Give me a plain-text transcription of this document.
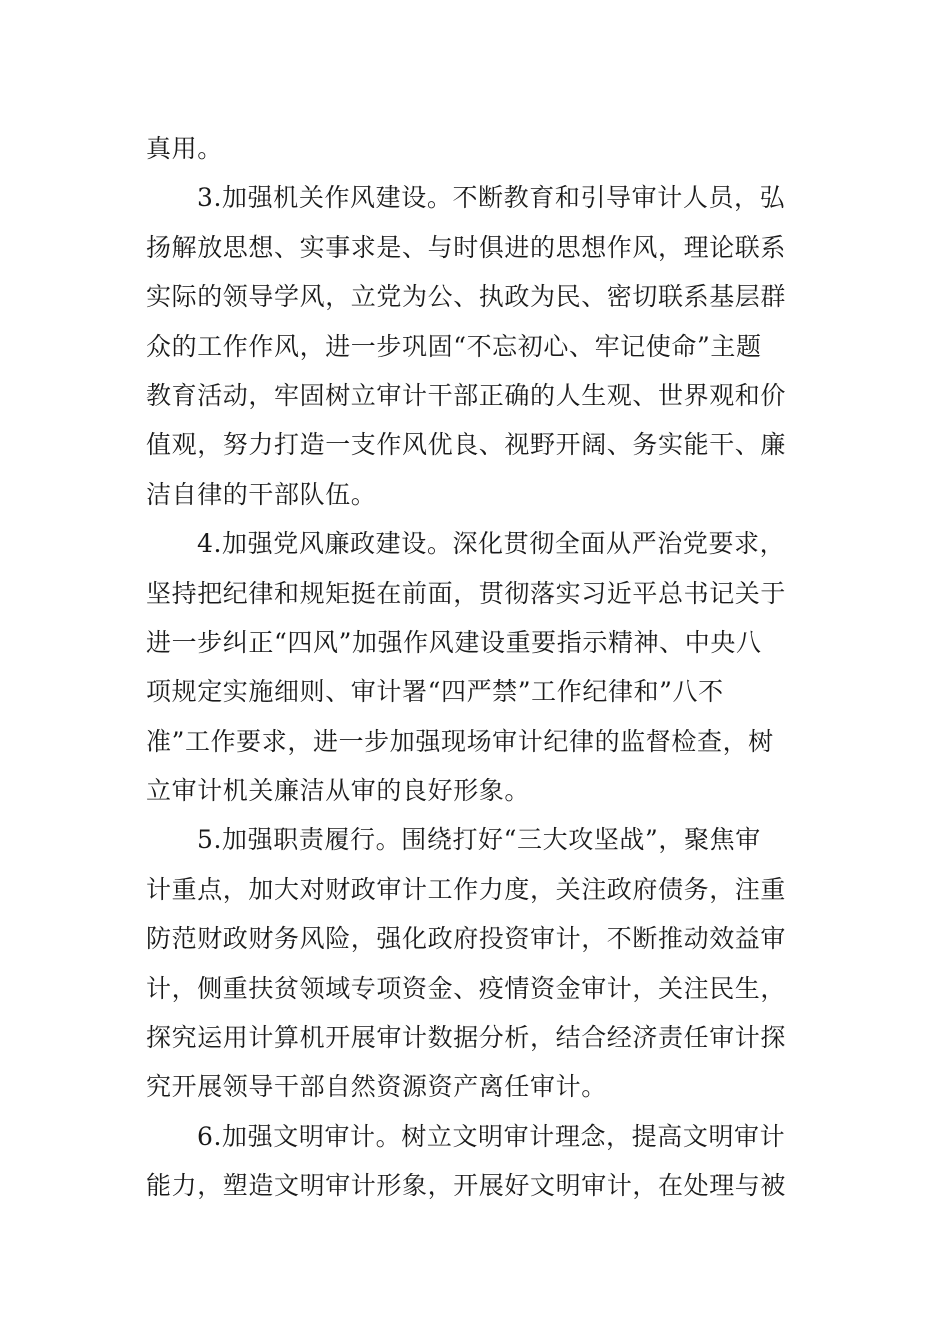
真用。
3.加强机关作风建设。不断教育和引导审计人员，弘
扬解放思想、实事求是、与时俱进的思想作风，理论联系
实际的领导学风，立党为公、执政为民、密切联系基层群
众的工作作风，进一步巩固“不忘初心、牢记使命”主题
教育活动，牢固树立审计干部正确的人生观、世界观和价
值观，努力打造一支作风优良、视野开阔、务实能干、廉
洁自律的干部队伍。
4.加强党风廉政建设。深化贯彻全面从严治党要求，
坚持把纪律和规矩挺在前面，贯彻落实习近平总书记关于
进一步纠正“四风”加强作风建设重要指示精神、中央八
项规定实施细则、审计署“四严禁”工作纪律和”八不
准”工作要求，进一步加强现场审计纪律的监督检查，树
立审计机关廉洁从审的良好形象。
5.加强职责履行。围绕打好“三大攻坚战”，聚焦审
计重点，加大对财政审计工作力度，关注政府债务，注重
防范财政财务风险，强化政府投资审计，不断推动效益审
计，侧重扶贫领域专项资金、疫情资金审计，关注民生，
探究运用计算机开展审计数据分析，结合经济责任审计探
究开展领导干部自然资源资产离任审计。
6.加强文明审计。树立文明审计理念，提高文明审计
能力，塑造文明审计形象，开展好文明审计，在处理与被
